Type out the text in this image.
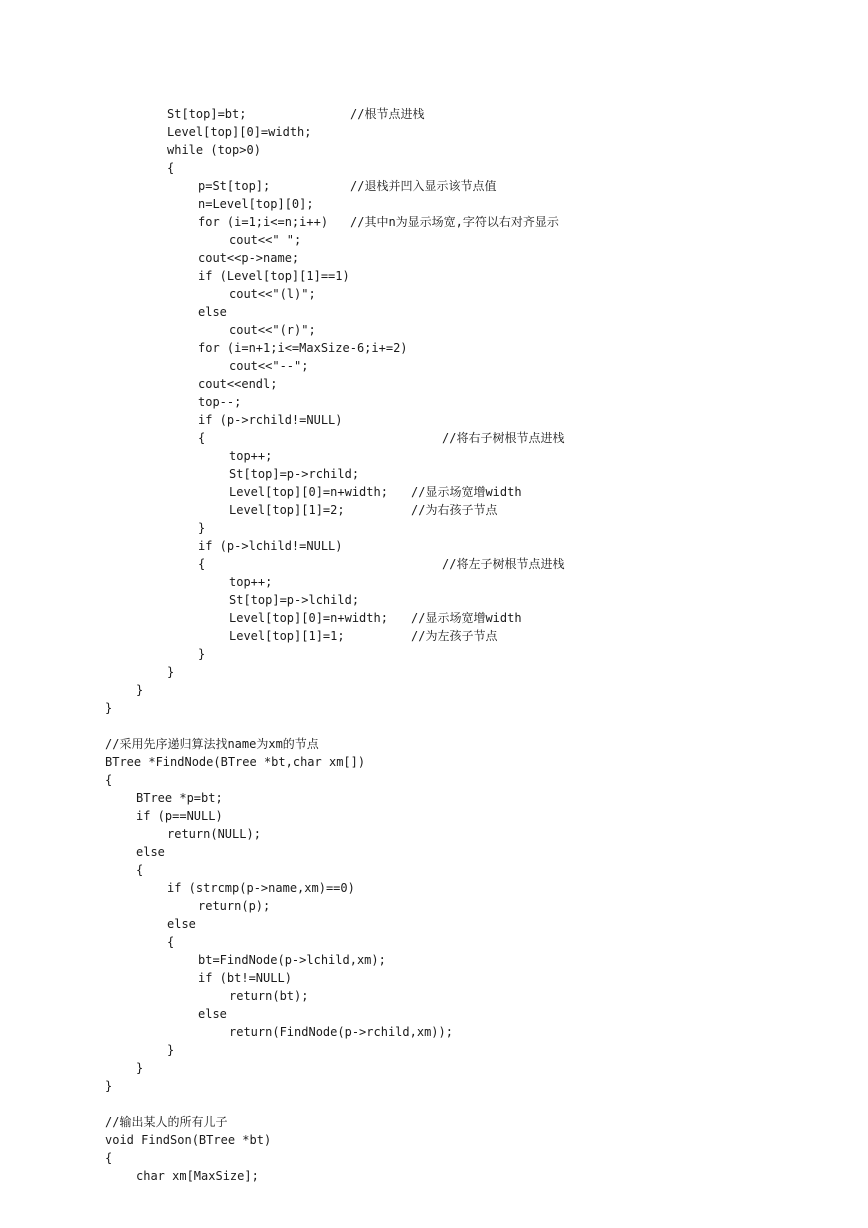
St[top]=bt;	//根节点进栈
Level[top][0]=width;
while (top>0)
{
p=St[top];	//退栈并凹入显示该节点值
n=Level[top][0];
for (i=1;i<=n;i++) //其中n为显示场宽,字符以右对齐显示
cout<<" ";
cout<<p->name;
if (Level[top][1]==1)
cout<<"(l)";
else
cout<<"(r)";
for (i=n+1;i<=MaxSize-6;i+=2)
cout<<"--";
cout<<endl;
top--;
if (p->rchild!=NULL)
{	//将右子树根节点进栈
top++;
St[top]=p->rchild;
Level[top][0]=n+width; //显示场宽增width
Level[top][1]=2;	//为右孩子节点
}
if (p->lchild!=NULL)
{	//将左子树根节点进栈
top++;
St[top]=p->lchild;
Level[top][0]=n+width; //显示场宽增width
Level[top][1]=1;	//为左孩子节点
}
}
}
}
//采用先序递归算法找name为xm的节点
BTree *FindNode(BTree *bt,char xm[])
{
BTree *p=bt;
if (p==NULL)
return(NULL);
else
{
if (strcmp(p->name,xm)==0)
return(p);
else
{
bt=FindNode(p->lchild,xm);
if (bt!=NULL)
return(bt);
else
return(FindNode(p->rchild,xm));
}
}
}
//输出某人的所有儿子
void FindSon(BTree *bt)
{
char xm[MaxSize];
